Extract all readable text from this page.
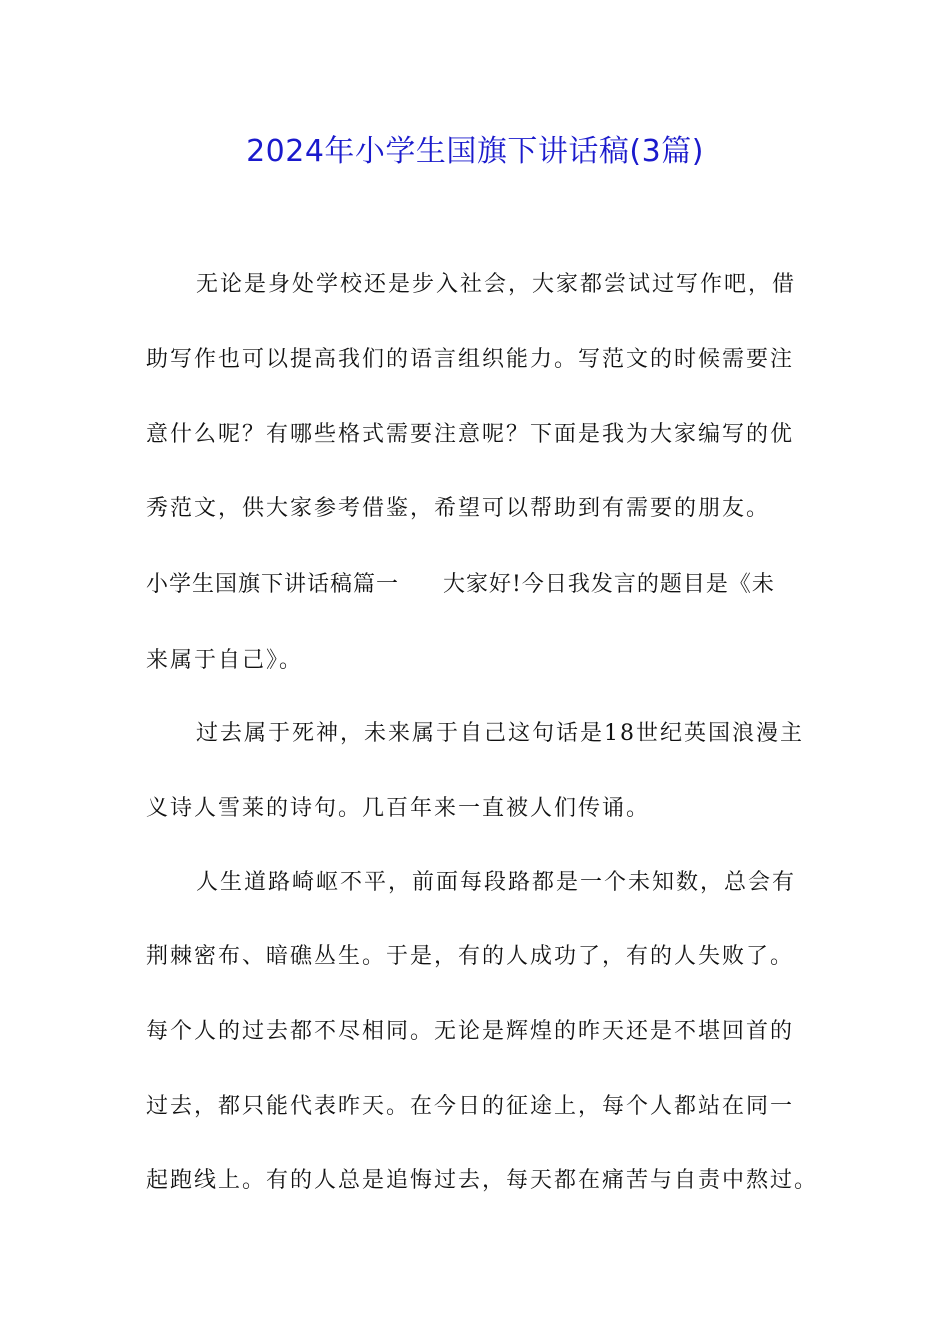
2024年小学生国旗下讲话稿(3篇)
无论是身处学校还是步入社会，大家都尝试过写作吧，借
助写作也可以提高我们的语言组织能力。写范文的时候需要注
意什么呢？有哪些格式需要注意呢？下面是我为大家编写的优
秀范文，供大家参考借鉴，希望可以帮助到有需要的朋友。
小学生国旗下讲话稿篇一 大家好!今日我发言的题目是《未
来属于自己》。
过去属于死神，未来属于自己这句话是18世纪英国浪漫主
义诗人雪莱的诗句。几百年来一直被人们传诵。
人生道路崎岖不平，前面每段路都是一个未知数，总会有
荆棘密布、暗礁丛生。于是，有的人成功了，有的人失败了。
每个人的过去都不尽相同。无论是辉煌的昨天还是不堪回首的
过去，都只能代表昨天。在今日的征途上，每个人都站在同一
起跑线上。有的人总是追悔过去，每天都在痛苦与自责中熬过。
